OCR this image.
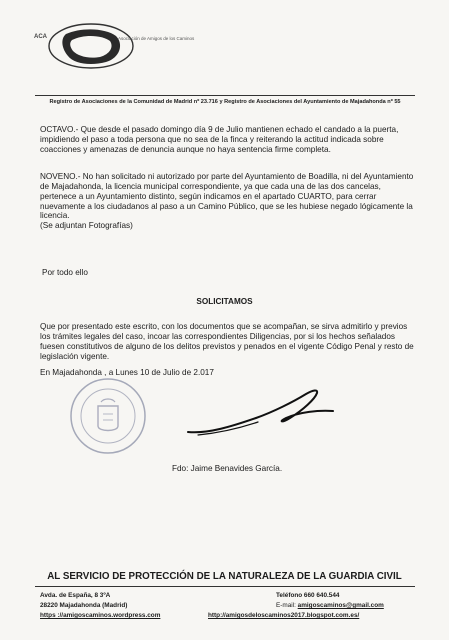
ACA	Asociación de Amigos de los Caminos
Registro de Asociaciones de la Comunidad de Madrid nº 23.716 y Registro de Asociaciones del Ayuntamiento de Majadahonda nº 55
OCTAVO.- Que desde el pasado domingo día 9 de Julio mantienen echado el candado a la puerta, impidiendo el paso a toda persona que no sea de la finca y reiterando la actitud indicada sobre coacciones y amenazas de denuncia aunque no haya sentencia firme completa.
NOVENO.- No han solicitado ni autorizado por parte del Ayuntamiento de Boadilla, ni del Ayuntamiento de Majadahonda, la licencia municipal correspondiente, ya que cada una de las dos cancelas, pertenece a un Ayuntamiento distinto, según indicamos en el apartado CUARTO, para cerrar nuevamente a los ciudadanos al paso a un Camino Público, que se les hubiese negado lógicamente la licencia.
(Se adjuntan Fotografías)
Por todo ello
SOLICITAMOS
Que por presentado este escrito, con los documentos que se acompañan, se sirva admitirlo y previos los trámites legales del caso, incoar las correspondientes Diligencias, por si los hechos señalados fuesen constitutivos de alguno de los delitos previstos y penados en el vigente Código Penal y resto de legislación vigente.
En Majadahonda , a Lunes 10 de Julio de 2.017
Fdo: Jaime Benavides García.
AL SERVICIO DE PROTECCIÓN DE LA NATURALEZA DE LA GUARDIA CIVIL
Avda. de España, 8 3ºA
28220 Majadahonda (Madrid)
https ://amigoscaminos.wordpress.com
Teléfono 660 640.544
E-mail: amigoscaminos@gmail.com
http://amigosdeloscaminos2017.blogspot.com.es/
